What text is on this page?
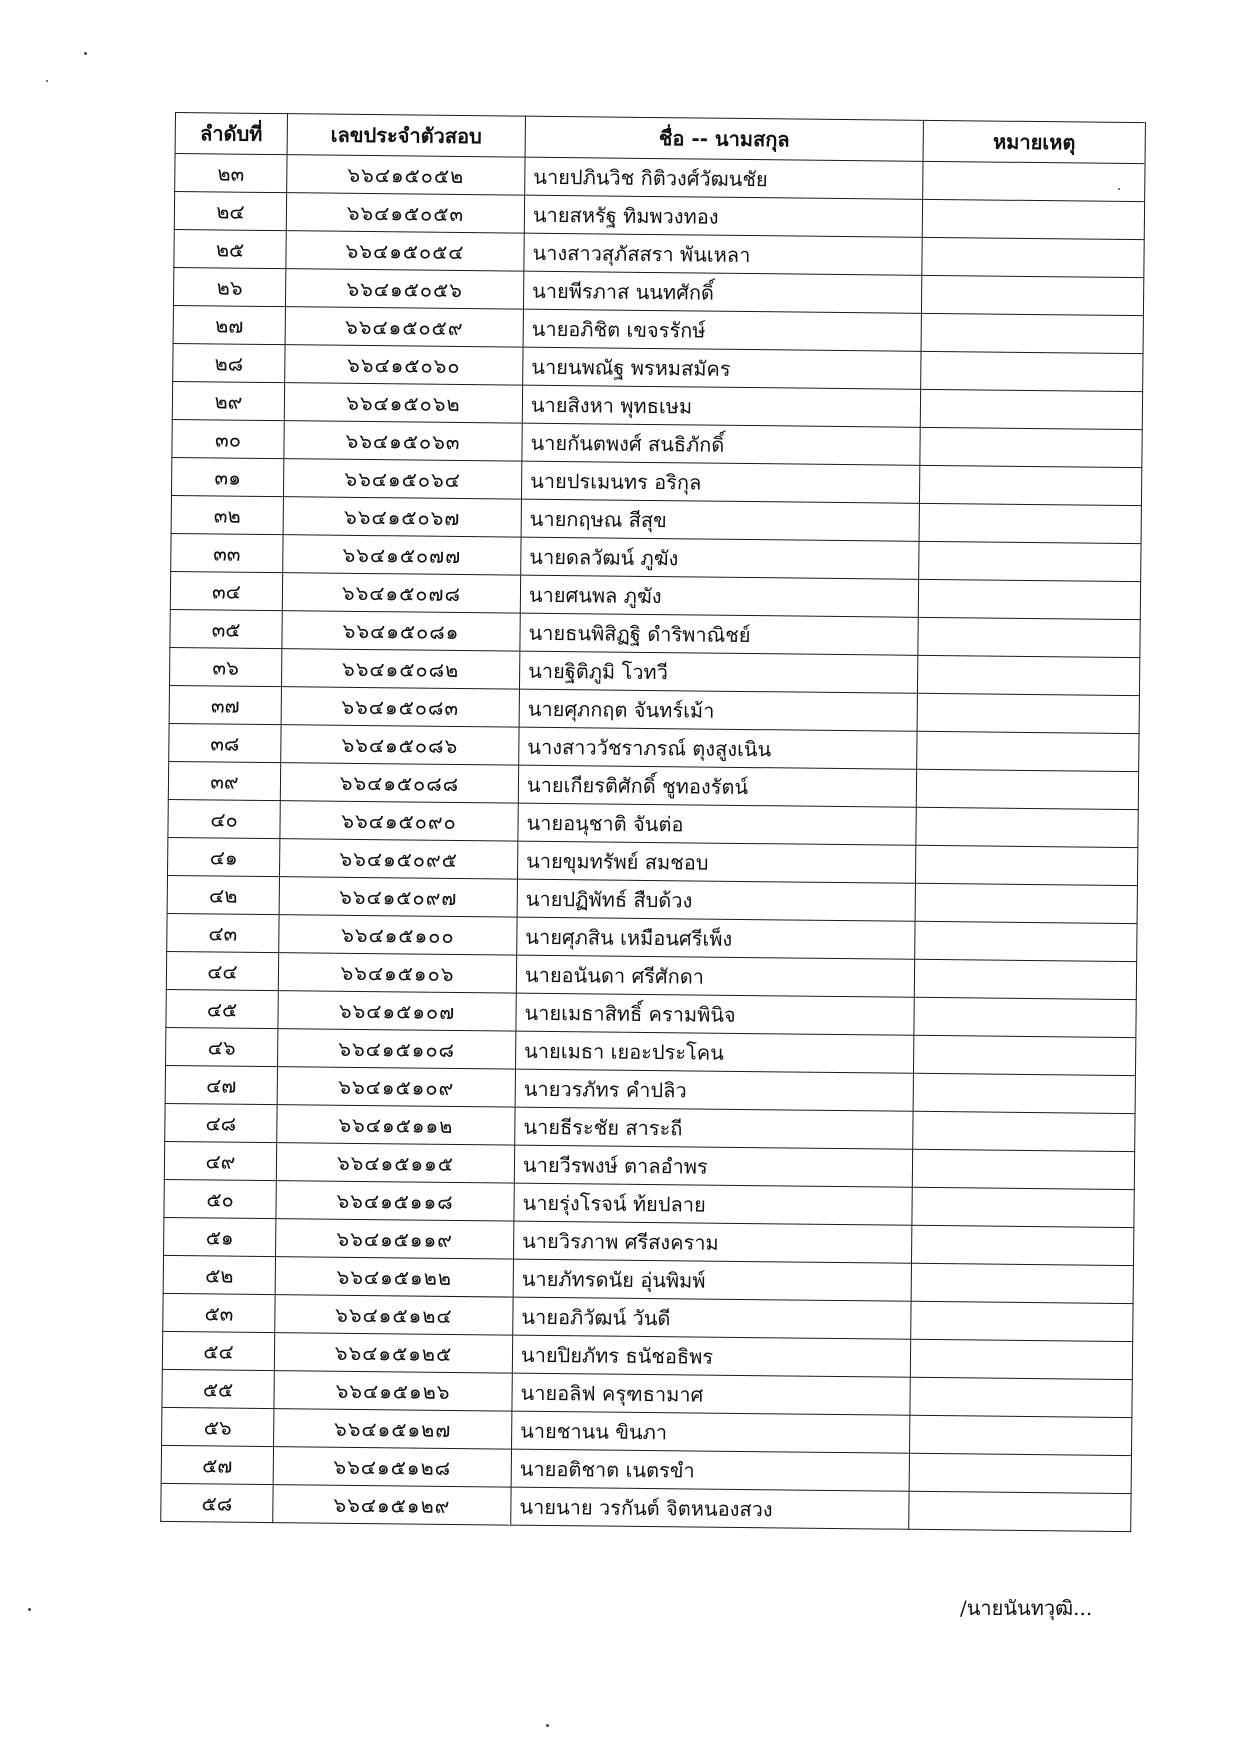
ลำดับที่	เลขประจำตัวสอบ	ชื่อ -- นามสกุล	หมายเหตุ
๒๓	๖๖๔๑๕๐๕๒	นายปภินวิช กิติวงศ์วัฒนชัย	
๒๔	๖๖๔๑๕๐๕๓	นายสหรัฐ ทิมพวงทอง	
๒๕	๖๖๔๑๕๐๕๔	นางสาวสุภัสสรา พันเหลา	
๒๖	๖๖๔๑๕๐๕๖	นายพีรภาส นนทศักดิ์	
๒๗	๖๖๔๑๕๐๕๙	นายอภิชิต เขจรรักษ์	
๒๘	๖๖๔๑๕๐๖๐	นายนพณัฐ พรหมสมัคร	
๒๙	๖๖๔๑๕๐๖๒	นายสิงหา พุทธเษม	
๓๐	๖๖๔๑๕๐๖๓	นายกันตพงศ์ สนธิภักดิ์	
๓๑	๖๖๔๑๕๐๖๔	นายปรเมนทร อริกุล	
๓๒	๖๖๔๑๕๐๖๗	นายกฤษณ สีสุข	
๓๓	๖๖๔๑๕๐๗๗	นายดลวัฒน์ ภูฆัง	
๓๔	๖๖๔๑๕๐๗๘	นายศนพล ภูฆัง	
๓๕	๖๖๔๑๕๐๘๑	นายธนพิสิฏฐิ ดำริพาณิชย์	
๓๖	๖๖๔๑๕๐๘๒	นายฐิติภูมิ โวทวี	
๓๗	๖๖๔๑๕๐๘๓	นายศุภกฤต จันทร์เม้า	
๓๘	๖๖๔๑๕๐๘๖	นางสาววัชราภรณ์ ตุงสูงเนิน	
๓๙	๖๖๔๑๕๐๘๘	นายเกียรติศักดิ์ ชูทองรัตน์	
๔๐	๖๖๔๑๕๐๙๐	นายอนุชาติ จันต่อ	
๔๑	๖๖๔๑๕๐๙๕	นายขุมทรัพย์ สมชอบ	
๔๒	๖๖๔๑๕๐๙๗	นายปฏิพัทธ์ สืบด้วง	
๔๓	๖๖๔๑๕๑๐๐	นายศุภสิน เหมือนศรีเพ็ง	
๔๔	๖๖๔๑๕๑๐๖	นายอนันดา ศรีศักดา	
๔๕	๖๖๔๑๕๑๐๗	นายเมธาสิทธิ์ ครามพินิจ	
๔๖	๖๖๔๑๕๑๐๘	นายเมธา เยอะประโคน	
๔๗	๖๖๔๑๕๑๐๙	นายวรภัทร คำปลิว	
๔๘	๖๖๔๑๕๑๑๒	นายธีระชัย สาระถี	
๔๙	๖๖๔๑๕๑๑๕	นายวีรพงษ์ ตาลอำพร	
๕๐	๖๖๔๑๕๑๑๘	นายรุ่งโรจน์ ท้ยปลาย	
๕๑	๖๖๔๑๕๑๑๙	นายวิรภาพ ศรีสงคราม	
๕๒	๖๖๔๑๕๑๒๒	นายภัทรดนัย อุ่นพิมพ์	
๕๓	๖๖๔๑๕๑๒๔	นายอภิวัฒน์ วันดี	
๕๔	๖๖๔๑๕๑๒๕	นายปิยภัทร ธนัชอธิพร	
๕๕	๖๖๔๑๕๑๒๖	นายอลิฟ ครุฑธามาศ	
๕๖	๖๖๔๑๕๑๒๗	นายชานน ขินภา	
๕๗	๖๖๔๑๕๑๒๘	นายอติชาต เนตรขำ	
๕๘	๖๖๔๑๕๑๒๙	นายนาย วรกันต์ จิตหนองสวง	
/นายนันทวุฒิ...
